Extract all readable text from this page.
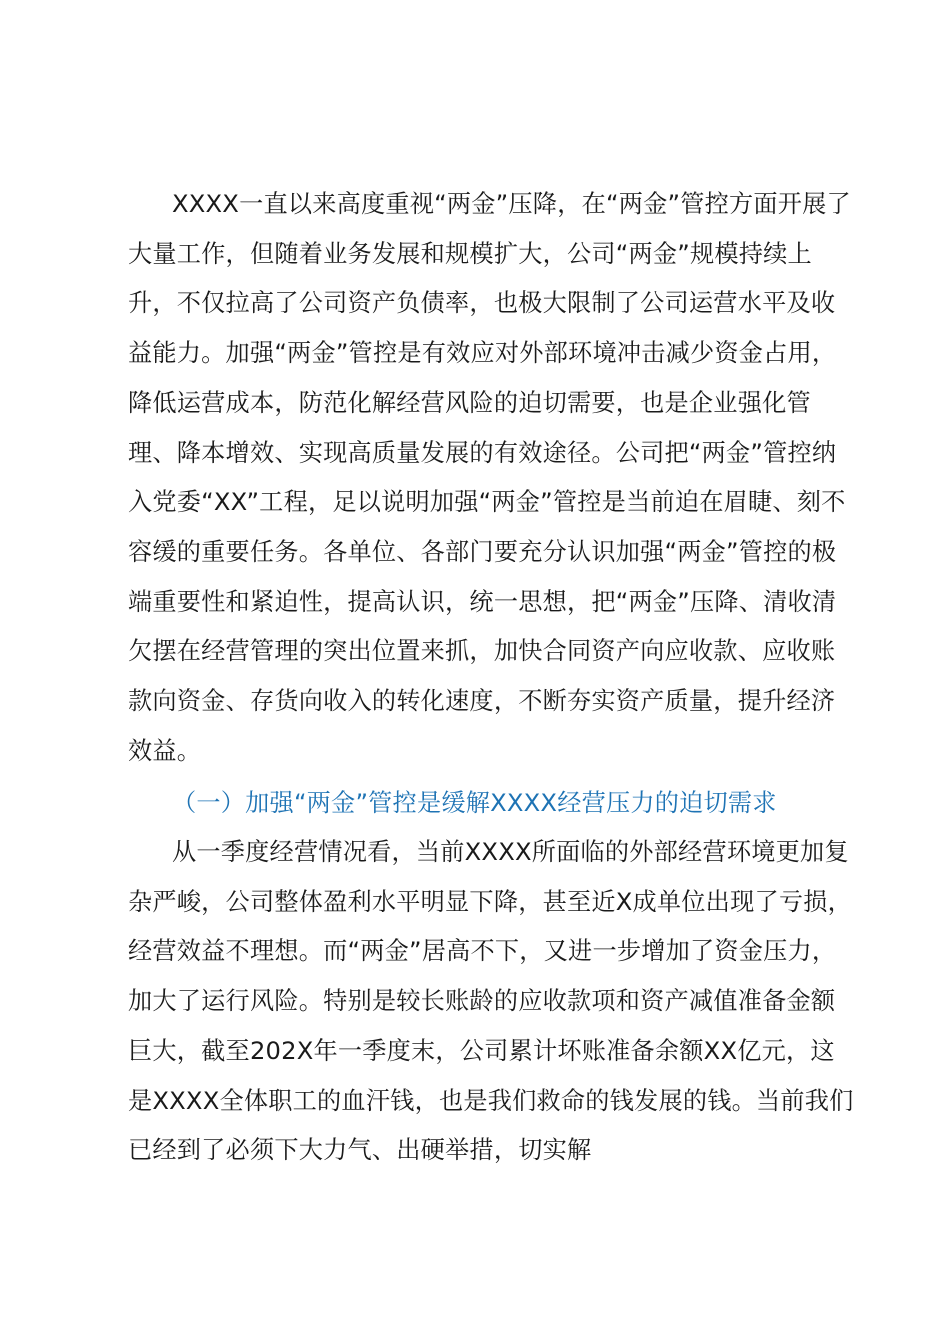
XXXX一直以来高度重视“两金”压降，在“两金”管控方面开展了大量工作，但随着业务发展和规模扩大，公司“两金”规模持续上升，不仅拉高了公司资产负债率，也极大限制了公司运营水平及收益能力。加强“两金”管控是有效应对外部环境冲击减少资金占用，降低运营成本，防范化解经营风险的迫切需要，也是企业强化管理、降本增效、实现高质量发展的有效途径。公司把“两金”管控纳入党委“XX”工程，足以说明加强“两金”管控是当前迫在眉睫、刻不容缓的重要任务。各单位、各部门要充分认识加强“两金”管控的极端重要性和紧迫性，提高认识，统一思想，把“两金”压降、清收清欠摆在经营管理的突出位置来抓，加快合同资产向应收款、应收账款向资金、存货向收入的转化速度，不断夯实资产质量，提升经济效益。
（一）加强“两金”管控是缓解XXXX经营压力的迫切需求
从一季度经营情况看，当前XXXX所面临的外部经营环境更加复杂严峻，公司整体盈利水平明显下降，甚至近X成单位出现了亏损，经营效益不理想。而“两金”居高不下，又进一步增加了资金压力，加大了运行风险。特别是较长账龄的应收款项和资产减值准备金额巨大，截至202X年一季度末，公司累计坏账准备余额XX亿元，这是XXXX全体职工的血汗钱，也是我们救命的钱发展的钱。当前我们已经到了必须下大力气、出硬举措，切实解
